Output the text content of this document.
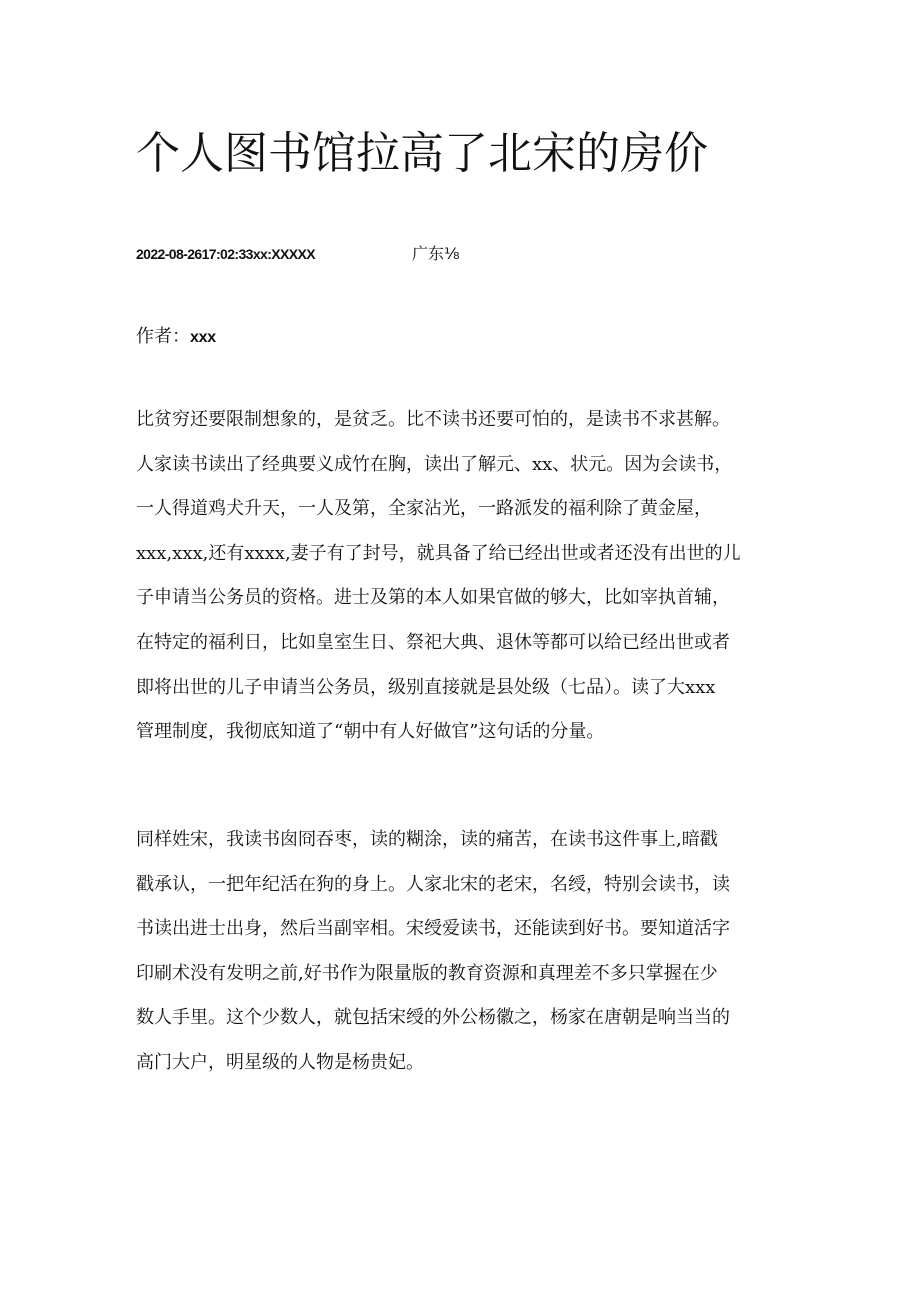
个人图书馆拉高了北宋的房价
2022-08-2617:02:33xx:XXXXX	广东⅛
作者：xxx
比贫穷还要限制想象的，是贫乏。比不读书还要可怕的，是读书不求甚解。
人家读书读出了经典要义成竹在胸，读出了解元、xx、状元。因为会读书，
一人得道鸡犬升天，一人及第，全家沾光，一路派发的福利除了黄金屋，
xxx,xxx,还有xxxx,妻子有了封号，就具备了给已经出世或者还没有出世的儿
子申请当公务员的资格。进士及第的本人如果官做的够大，比如宰执首辅，
在特定的福利日，比如皇室生日、祭祀大典、退休等都可以给已经出世或者
即将出世的儿子申请当公务员，级别直接就是县处级（七品）。读了大xxx
管理制度，我彻底知道了“朝中有人好做官”这句话的分量。
同样姓宋，我读书囱冏吞枣，读的糊涂，读的痛苦，在读书这件事上,暗戳
戳承认，一把年纪活在狗的身上。人家北宋的老宋，名绶，特别会读书，读
书读出进士出身，然后当副宰相。宋绶爱读书，还能读到好书。要知道活字
印刷术没有发明之前,好书作为限量版的教育资源和真理差不多只掌握在少
数人手里。这个少数人，就包括宋绶的外公杨徽之，杨家在唐朝是响当当的
高门大户，明星级的人物是杨贵妃。
